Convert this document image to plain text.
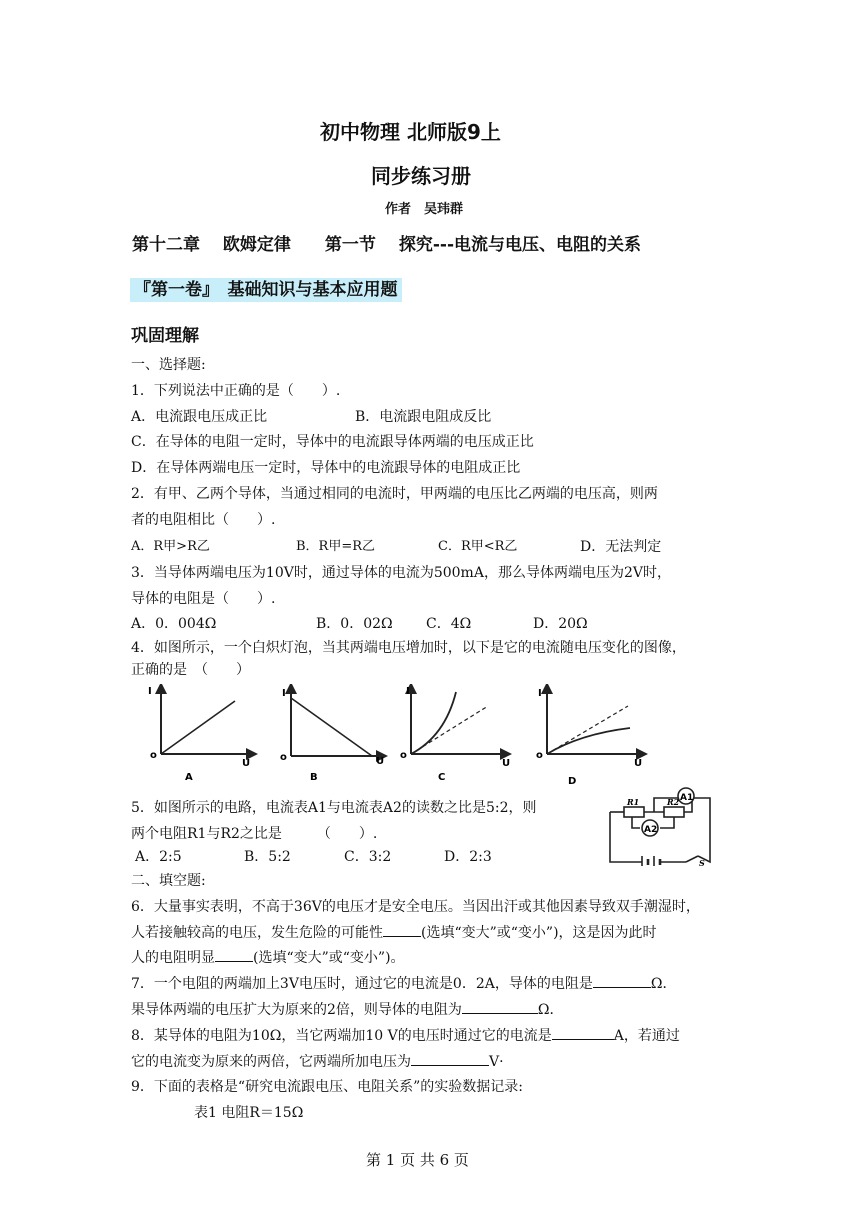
初中物理 北师版9上
同步练习册
作者　吴玮群
第十二章　 欧姆定律　　第一节　 探究---电流与电压、电阻的关系
『第一卷』　基础知识与基本应用题
巩固理解
一、选择题:
1．下列说法中正确的是（　　）.
A．电流跟电压成正比	B．电流跟电阻成反比
C．在导体的电阻一定时，导体中的电流跟导体两端的电压成正比
D．在导体两端电压一定时，导体中的电流跟导体的电阻成正比
2．有甲、乙两个导体，当通过相同的电流时，甲两端的电压比乙两端的电压高，则两
者的电阻相比（　　）.
A．R甲>R乙	B．R甲=R乙	C．R甲<R乙	D．无法判定
3．当导体两端电压为10V时，通过导体的电流为500mA，那么导体两端电压为2V时，
导体的电阻是（　　）.
A．0．004Ω	B．0．02Ω C．4Ω	D．20Ω
4．如图所示，一个白炽灯泡，当其两端电压增加时，以下是它的电流随电压变化的图像，
正确的是　（　　）
I
o
U
A
I
o	U
B
I
o
U
C
I
o
U
D
5．如图所示的电路，电流表A1与电流表A2的读数之比是5:2，则
两个电阻R1与R2之比是　　　（　　）.
A．2:5	B．5:2	C．3:2	D．2:3
A1
A2
R1	R2
S
二、填空题:
6．大量事实表明，不高于36V的电压才是安全电压。当因出汗或其他因素导致双手潮湿时，
人若接触较高的电压，发生危险的可能性	(选填“变大”或“变小”)，这是因为此时
人的电阻明显	(选填“变大”或“变小”)。
7．一个电阻的两端加上3V电压时，通过它的电流是0．2A，导体的电阻是	Ω．
果导体两端的电压扩大为原来的2倍，则导体的电阻为	Ω．
8．某导体的电阻为10Ω，当它两端加10 V的电压时通过它的电流是	A，若通过
它的电流变为原来的两倍，它两端所加电压为	V·
9．下面的表格是“研究电流跟电压、电阻关系”的实验数据记录:
表1 电阻R＝15Ω
第 1 页 共 6 页
